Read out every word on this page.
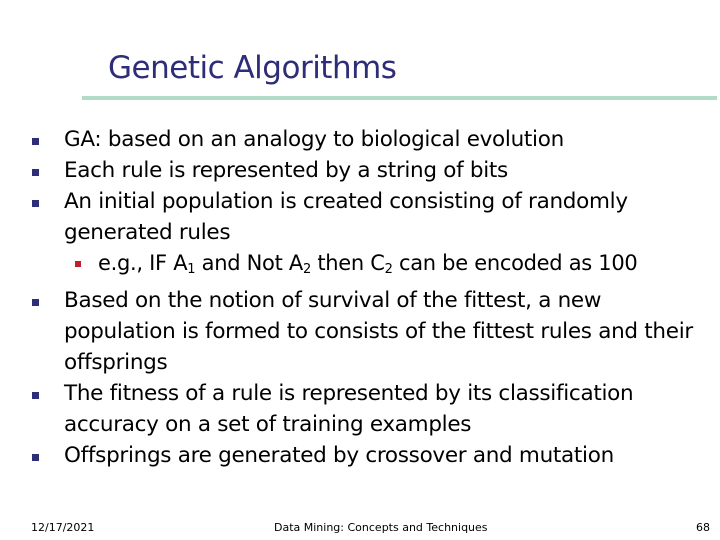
Genetic Algorithms
GA: based on an analogy to biological evolution
Each rule is represented by a string of bits
An initial population is created consisting of randomly generated rules
e.g., IF $A_1$ and Not $A_2$ then $C_2$ can be encoded as 100
Based on the notion of survival of the fittest, a new population is formed to consists of the fittest rules and their offsprings
The fitness of a rule is represented by its classification accuracy on a set of training examples
Offsprings are generated by crossover and mutation
12/17/2021	Data Mining: Concepts and Techniques	68
